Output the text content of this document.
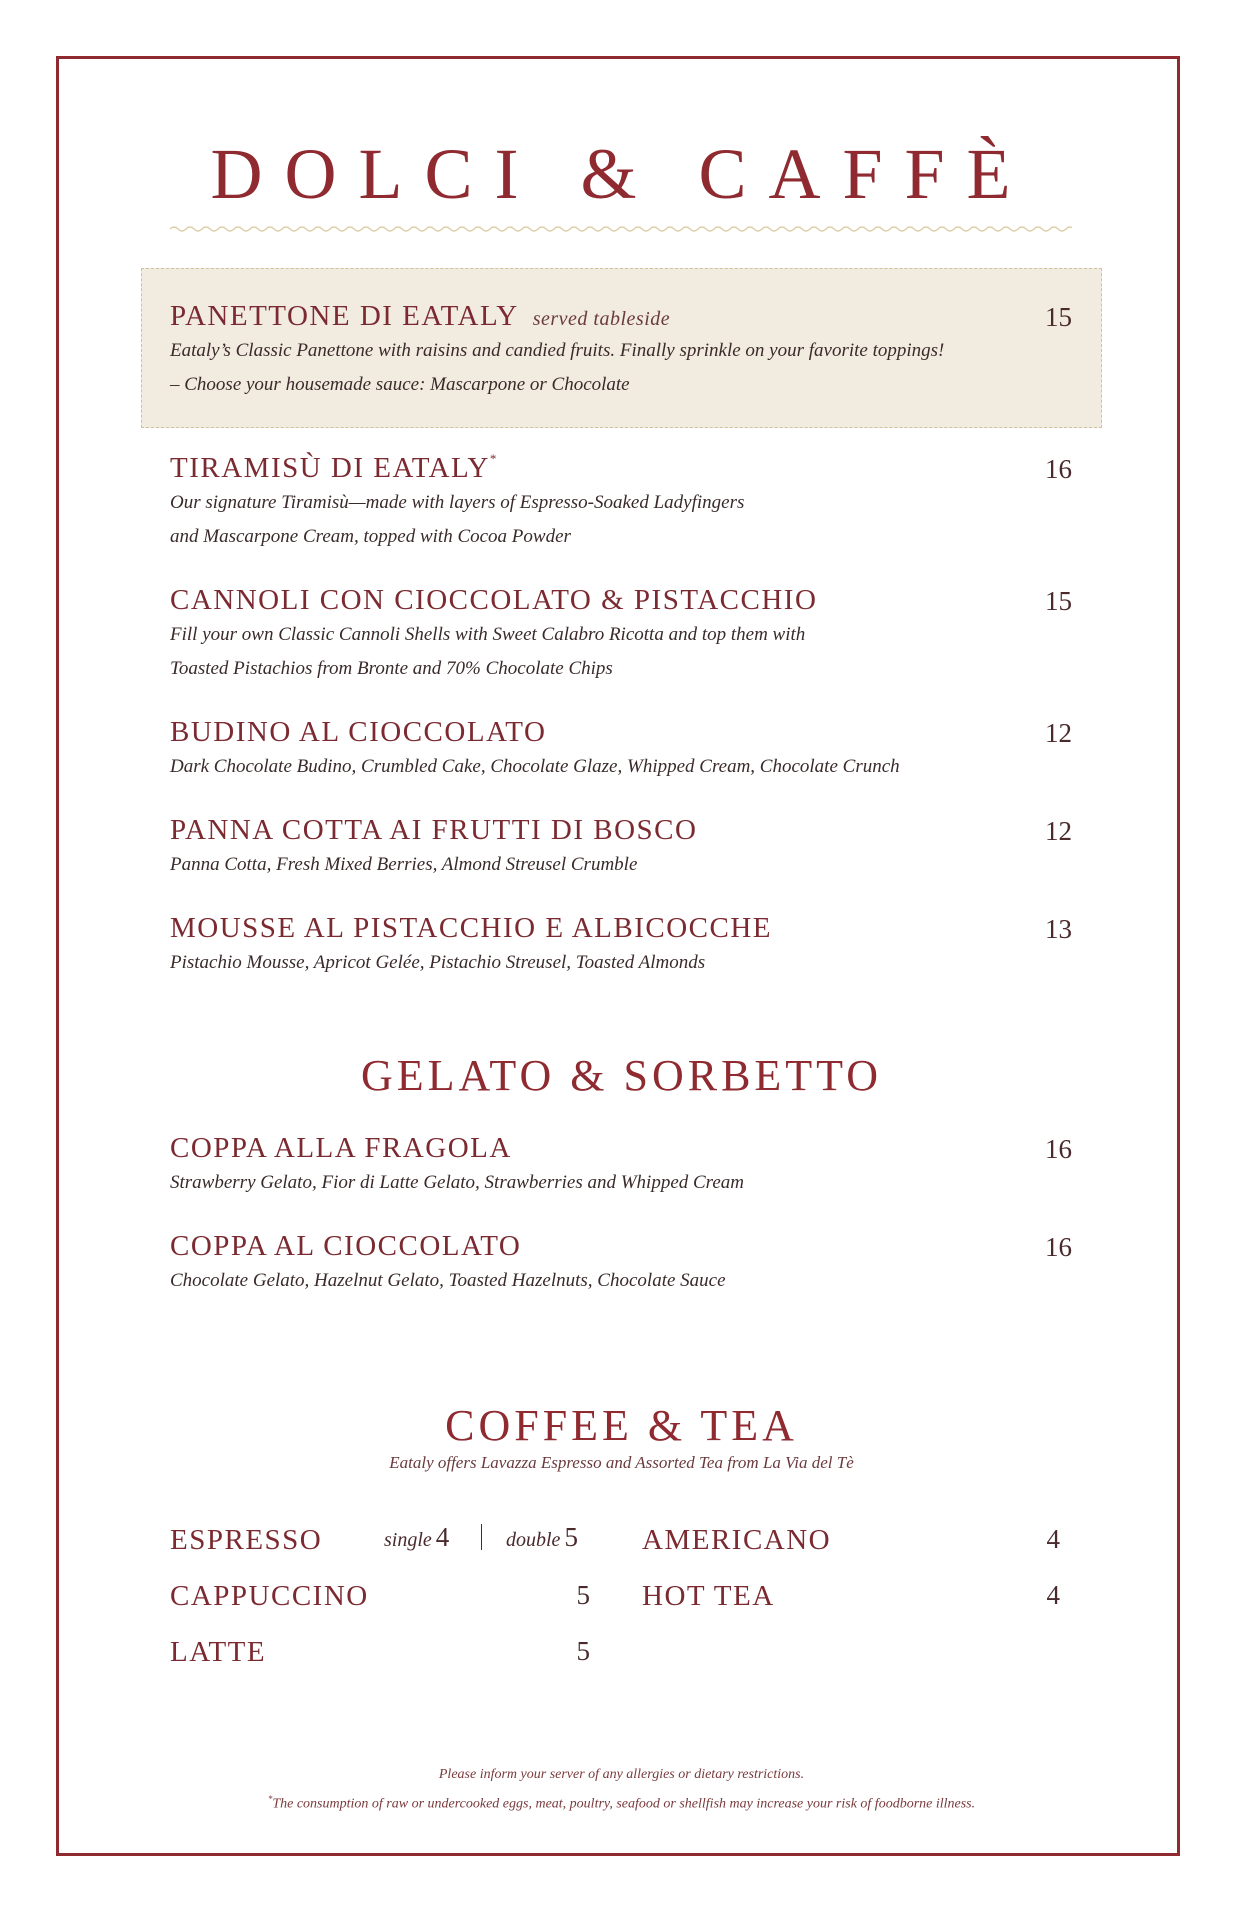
DOLCI & CAFFÈ
PANETTONE DI EATALY served tableside	15
Eataly’s Classic Panettone with raisins and candied fruits. Finally sprinkle on your favorite toppings!
– Choose your housemade sauce: Mascarpone or Chocolate
TIRAMISÙ DI EATALY*	16
Our signature Tiramisù—made with layers of Espresso-Soaked Ladyfingers
and Mascarpone Cream, topped with Cocoa Powder
CANNOLI CON CIOCCOLATO & PISTACCHIO	15
Fill your own Classic Cannoli Shells with Sweet Calabro Ricotta and top them with
Toasted Pistachios from Bronte and 70% Chocolate Chips
BUDINO AL CIOCCOLATO	12
Dark Chocolate Budino, Crumbled Cake, Chocolate Glaze, Whipped Cream, Chocolate Crunch
PANNA COTTA AI FRUTTI DI BOSCO	12
Panna Cotta, Fresh Mixed Berries, Almond Streusel Crumble
MOUSSE AL PISTACCHIO E ALBICOCCHE	13
Pistachio Mousse, Apricot Gelée, Pistachio Streusel, Toasted Almonds
GELATO & SORBETTO
COPPA ALLA FRAGOLA	16
Strawberry Gelato, Fior di Latte Gelato, Strawberries and Whipped Cream
COPPA AL CIOCCOLATO	16
Chocolate Gelato, Hazelnut Gelato, Toasted Hazelnuts, Chocolate Sauce
COFFEE & TEA
Eataly offers Lavazza Espresso and Assorted Tea from La Via del Tè
ESPRESSO	single 4	double 5
CAPPUCCINO	5
LATTE	5
AMERICANO	4
HOT TEA	4
Please inform your server of any allergies or dietary restrictions.
*The consumption of raw or undercooked eggs, meat, poultry, seafood or shellfish may increase your risk of foodborne illness.
